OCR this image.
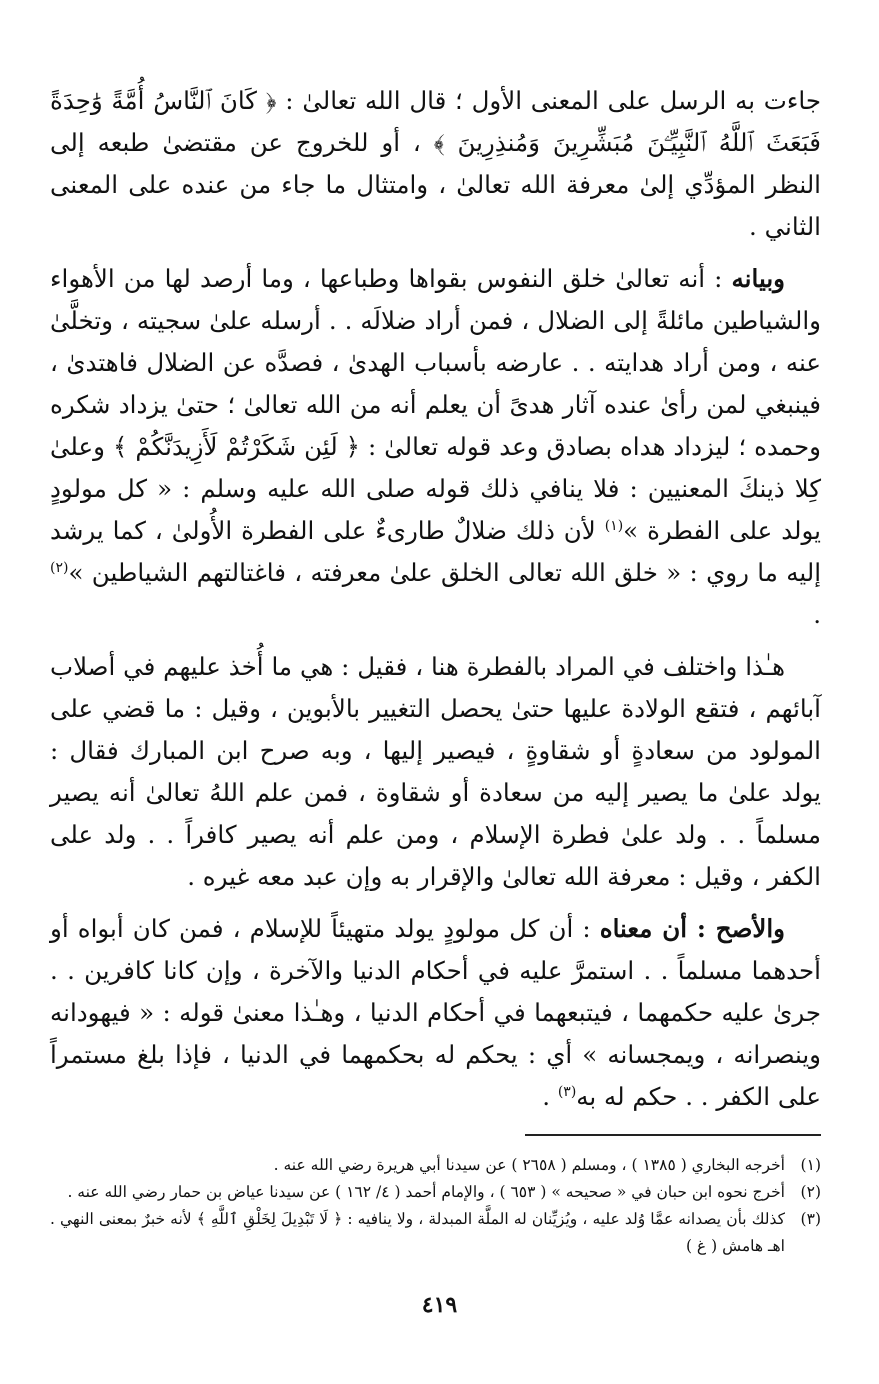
جاءت به الرسل على المعنى الأول ؛ قال الله تعالىٰ : ﴿ كَانَ ٱلنَّاسُ أُمَّةً وَٰحِدَةً فَبَعَثَ ٱللَّهُ ٱلنَّبِيِّـۧنَ مُبَشِّرِينَ وَمُنذِرِينَ ﴾ ، أو للخروج عن مقتضىٰ طبعه إلى النظر المؤدِّي إلىٰ معرفة الله تعالىٰ ، وامتثال ما جاء من عنده على المعنى الثاني .

وبيانه : أنه تعالىٰ خلق النفوس بقواها وطباعها ، وما أرصد لها من الأهواء والشياطين مائلةً إلى الضلال ، فمن أراد ضلالَه . . أرسله علىٰ سجيته ، وتخلَّىٰ عنه ، ومن أراد هدايته . . عارضه بأسباب الهدىٰ ، فصدَّه عن الضلال فاهتدىٰ ، فينبغي لمن رأىٰ عنده آثار هدىً أن يعلم أنه من الله تعالىٰ ؛ حتىٰ يزداد شكره وحمده ؛ ليزداد هداه بصادق وعد قوله تعالىٰ : ﴿ لَئِن شَكَرْتُمْ لَأَزِيدَنَّكُمْ ﴾ وعلىٰ كِلا ذينكَ المعنيين : فلا ينافي ذلك قوله صلى الله عليه وسلم : « كل مولودٍ يولد على الفطرة »$^{(١)}$ لأن ذلك ضلالٌ طارىءٌ على الفطرة الأُولىٰ ، كما يرشد إليه ما روي : « خلق الله تعالى الخلق علىٰ معرفته ، فاغتالتهم الشياطين »$^{(٢)}$ .

هـٰذا واختلف في المراد بالفطرة هنا ، فقيل : هي ما أُخذ عليهم في أصلاب آبائهم ، فتقع الولادة عليها حتىٰ يحصل التغيير بالأبوين ، وقيل : ما قضي على المولود من سعادةٍ أو شقاوةٍ ، فيصير إليها ، وبه صرح ابن المبارك فقال : يولد علىٰ ما يصير إليه من سعادة أو شقاوة ، فمن علم اللهُ تعالىٰ أنه يصير مسلماً . . ولد علىٰ فطرة الإسلام ، ومن علم أنه يصير كافراً . . ولد على الكفر ، وقيل : معرفة الله تعالىٰ والإقرار به وإن عبد معه غيره .

والأصح : أن معناه : أن كل مولودٍ يولد متهيئاً للإسلام ، فمن كان أبواه أو أحدهما مسلماً . . استمرَّ عليه في أحكام الدنيا والآخرة ، وإن كانا كافرين . . جرىٰ عليه حكمهما ، فيتبعهما في أحكام الدنيا ، وهـٰذا معنىٰ قوله : « فيهودانه وينصرانه ، ويمجسانه » أي : يحكم له بحكمهما في الدنيا ، فإذا بلغ مستمراً على الكفر . . حكم له به$^{(٣)}$ .

(١)
أخرجه البخاري ( ١٣٨٥ ) ، ومسلم ( ٢٦٥٨ ) عن سيدنا أبي هريرة رضي الله عنه .
(٢)
أخرج نحوه ابن حبان في « صحيحه » ( ٦٥٣ ) ، والإمام أحمد ( ٤/ ١٦٢ ) عن سيدنا عياض بن حمار رضي الله عنه .
(٣)
كذلك بأن يصدانه عمَّا وُلد عليه ، ويُزيِّنان له الملَّة المبدلة ، ولا ينافيه : ﴿ لَا تَبْدِيلَ لِخَلْقِ ٱللَّهِ ﴾ لأنه خبرٌ بمعنى النهي . اهـ هامش ( غ )
٤١٩
